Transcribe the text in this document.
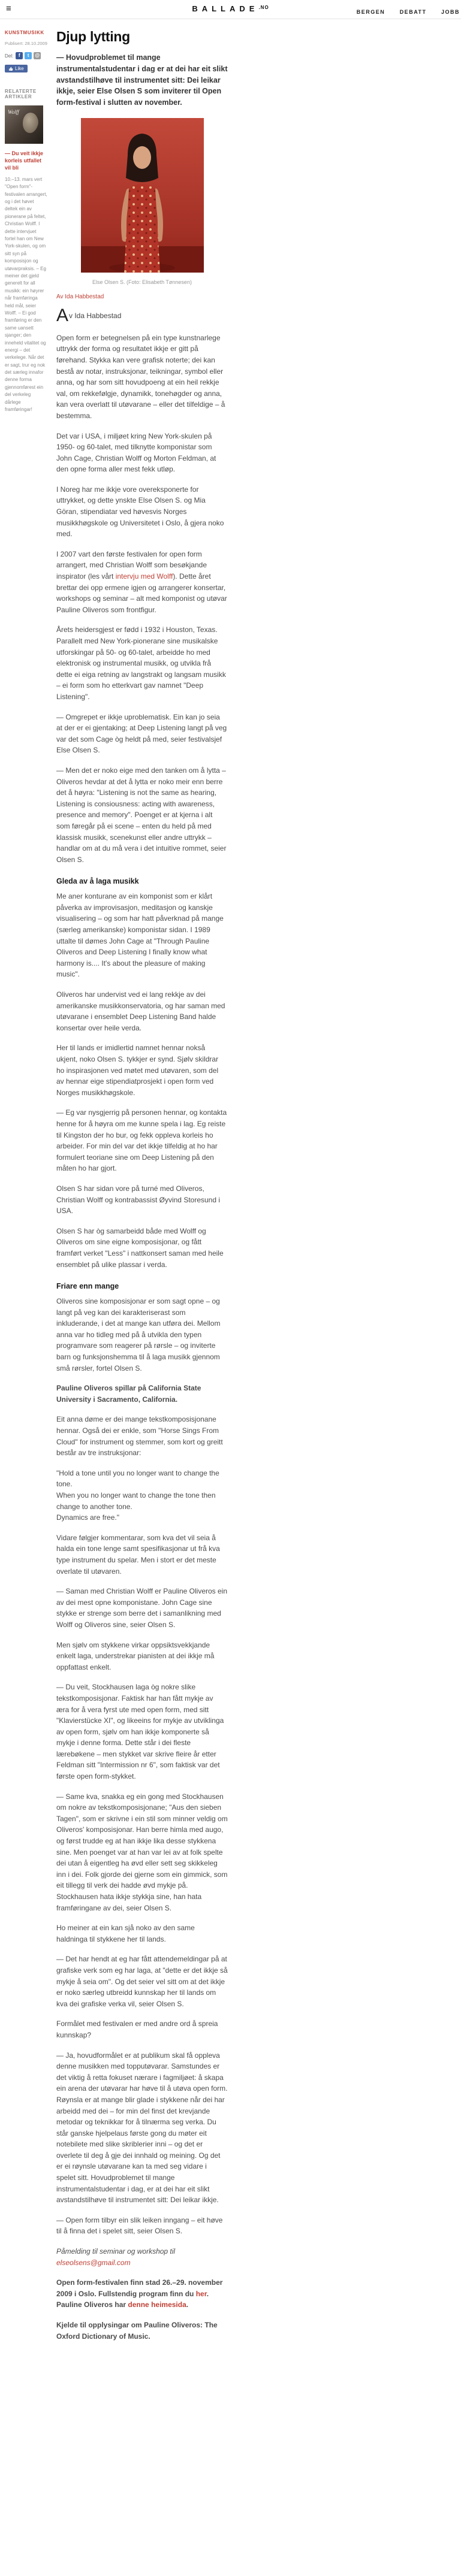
≡	$BALLADE^{.NO}$
BERGEN	DEBATT	JOBB
KUNSTMUSIKK
Publisert: 28.10.2009
Del:	f	t	@
Like
RELATERTE ARTIKLER
Wolff
— Du veit ikkje korleis utfallet vil bli

10.–13. mars vert "Open form"-festivalen arrangert, og i det høvet deltek ein av pionerane på feltet, Christian Wolff. I dette intervjuet fortel han om New York-skulen, og om sitt syn på komposisjon og utøvarpraksis. – Eg meiner det gjeld generelt for all musikk: ein høyrer når framføringa held mål, seier Wolff. – Ei god framføring er den same uansett sjanger; den inneheld vitalitet og energi – det verkelege. Når det er sagt, trur eg nok det særleg innafor denne forma gjennomførest ein del verkeleg dårlege framføringar!

Djup lytting

— Hovudproblemet til mange instrumentalstudentar i dag er at dei har eit slikt avstandstilhøve til instrumentet sitt: Dei leikar ikkje, seier Else Olsen S som inviterer til Open form-festival i slutten av november.

Else Olsen S. (Foto: Elisabeth Tønnesen)
Av Ida Habbestad

Av Ida Habbestad

Open form er betegnelsen på ein type kunstnarlege uttrykk der forma og resultatet ikkje er gitt på førehand. Stykka kan vere grafisk noterte; dei kan bestå av notar, instruksjonar, teikningar, symbol eller anna, og har som sitt hovudpoeng at ein heil rekkje val, om rekkefølgje, dynamikk, tonehøgder og anna, kan vera overlatt til utøvarane – eller det tilfeldige – å bestemma.

Det var i USA, i miljøet kring New York-skulen på 1950- og 60-talet, med tilknytte komponistar som John Cage, Christian Wolff og Morton Feldman, at den opne forma aller mest fekk utløp.

I Noreg har me ikkje vore overeksponerte for uttrykket, og dette ynskte Else Olsen S. og Mia Göran, stipendiatar ved høvesvis Norges musikkhøgskole og Universitetet i Oslo, å gjera noko med.

I 2007 vart den første festivalen for open form arrangert, med Christian Wolff som besøkjande inspirator (les vårt intervju med Wolff). Dette året brettar dei opp ermene igjen og arrangerer konsertar, workshops og seminar – alt med komponist og utøvar Pauline Oliveros som frontfigur.

Årets heidersgjest er fødd i 1932 i Houston, Texas. Parallelt med New York-pionerane sine musikalske utforskingar på 50- og 60-talet, arbeidde ho med elektronisk og instrumental musikk, og utvikla frå dette ei eiga retning av langstrakt og langsam musikk – ei form som ho etterkvart gav namnet "Deep Listening".

— Omgrepet er ikkje uproblematisk. Ein kan jo seia at der er ei gjentaking; at Deep Listening langt på veg var det som Cage òg heldt på med, seier festivalsjef Else Olsen S.

— Men det er noko eige med den tanken om å lytta – Oliveros hevdar at det å lytta er noko meir enn berre det å høyra: "Listening is not the same as hearing, Listening is consiousness: acting with awareness, presence and memory". Poenget er at kjerna i alt som føregår på ei scene – enten du held på med klassisk musikk, scenekunst eller andre uttrykk – handlar om at du må vera i det intuitive rommet, seier Olsen S.

Gleda av å laga musikk

Me aner konturane av ein komponist som er klårt påverka av improvisasjon, meditasjon og kanskje visualisering – og som har hatt påverknad på mange (særleg amerikanske) komponistar sidan. I 1989 uttalte til dømes John Cage at "Through Pauline Oliveros and Deep Listening I finally know what harmony is.... It's about the pleasure of making music".

Oliveros har undervist ved ei lang rekkje av dei amerikanske musikkonservatoria, og har saman med utøvarane i ensemblet Deep Listening Band halde konsertar over heile verda.

Her til lands er imidlertid namnet hennar nokså ukjent, noko Olsen S. tykkjer er synd. Sjølv skildrar ho inspirasjonen ved møtet med utøvaren, som del av hennar eige stipendiatprosjekt i open form ved Norges musikkhøgskole.

— Eg var nysgjerrig på personen hennar, og kontakta henne for å høyra om me kunne spela i lag. Eg reiste til Kingston der ho bur, og fekk oppleva korleis ho arbeider. For min del var det ikkje tilfeldig at ho har formulert teoriane sine om Deep Listening på den måten ho har gjort.

Olsen S har sidan vore på turné med Oliveros, Christian Wolff og kontrabassist Øyvind Storesund i USA.

Olsen S har òg samarbeidd både med Wolff og Oliveros om sine eigne komposisjonar, og fått framført verket "Less" i nattkonsert saman med heile ensemblet på ulike plassar i verda.

Friare enn mange

Oliveros sine komposisjonar er som sagt opne – og langt på veg kan dei karakteriserast som inkluderande, i det at mange kan utføra dei. Mellom anna var ho tidleg med på å utvikla den typen programvare som reagerer på rørsle – og inviterte barn og funksjonshemma til å laga musikk gjennom små rørsler, fortel Olsen S.

Pauline Oliveros spillar på California State University i Sacramento, California.

Eit anna døme er dei mange tekstkomposisjonane hennar. Også dei er enkle, som "Horse Sings From Cloud" for instrument og stemmer, som kort og greitt består av tre instruksjonar:

"Hold a tone until you no longer want to change the tone.

When you no longer want to change the tone then change to another tone.

Dynamics are free."

Vidare følgjer kommentarar, som kva det vil seia å halda ein tone lenge samt spesifikasjonar ut frå kva type instrument du spelar. Men i stort er det meste overlate til utøvaren.

— Saman med Christian Wolff er Pauline Oliveros ein av dei mest opne komponistane. John Cage sine stykke er strenge som berre det i samanlikning med Wolff og Oliveros sine, seier Olsen S.

Men sjølv om stykkene virkar oppsiktsvekkjande enkelt laga, understrekar pianisten at dei ikkje må oppfattast enkelt.

— Du veit, Stockhausen laga òg nokre slike tekstkomposisjonar. Faktisk har han fått mykje av æra for å vera fyrst ute med open form, med sitt "Klavierstücke XI", og likeeins for mykje av utviklinga av open form, sjølv om han ikkje komponerte så mykje i denne forma. Dette står i dei fleste lærebøkene – men stykket var skrive fleire år etter Feldman sitt "Intermission nr 6", som faktisk var det første open form-stykket.

— Same kva, snakka eg ein gong med Stockhausen om nokre av tekstkomposisjonane; "Aus den sieben Tagen", som er skrivne i ein stil som minner veldig om Oliveros' komposisjonar. Han berre himla med augo, og først trudde eg at han ikkje lika desse stykkena sine. Men poenget var at han var lei av at folk spelte dei utan å eigentleg ha øvd eller sett seg skikkeleg inn i dei. Folk gjorde dei gjerne som ein gimmick, som eit tillegg til verk dei hadde øvd mykje på. Stockhausen hata ikkje stykkja sine, han hata framføringane av dei, seier Olsen S.

Ho meiner at ein kan sjå noko av den same haldninga til stykkene her til lands.

— Det har hendt at eg har fått attendemeldingar på at grafiske verk som eg har laga, at "dette er det ikkje så mykje å seia om". Og det seier vel sitt om at det ikkje er noko særleg utbreidd kunnskap her til lands om kva dei grafiske verka vil, seier Olsen S.

Formålet med festivalen er med andre ord å spreia kunnskap?

— Ja, hovudformålet er at publikum skal få oppleva denne musikken med topputøvarar. Samstundes er det viktig å retta fokuset nærare i fagmiljøet: å skapa ein arena der utøvarar har høve til å utøva open form. Røynsla er at mange blir glade i stykkene når dei har arbeidd med dei – for min del finst det krevjande metodar og teknikkar for å tilnærma seg verka. Du står ganske hjelpelaus første gong du møter eit notebilete med slike skriblerier inni – og det er overlete til deg å gje dei innhald og meining. Og det er ei røynsle utøvarane kan ta med seg vidare i spelet sitt. Hovudproblemet til mange instrumentalstudentar i dag, er at dei har eit slikt avstandstilhøve til instrumentet sitt: Dei leikar ikkje.

— Open form tilbyr ein slik leiken inngang – eit høve til å finna det i spelet sitt, seier Olsen S.

Påmelding til seminar og workshop til elseolsens@gmail.com

Open form-festivalen finn stad 26.–29. november 2009 i Oslo. Fullstendig program finn du her. Pauline Oliveros har denne heimesida.

Kjelde til opplysingar om Pauline Oliveros: The Oxford Dictionary of Music.
